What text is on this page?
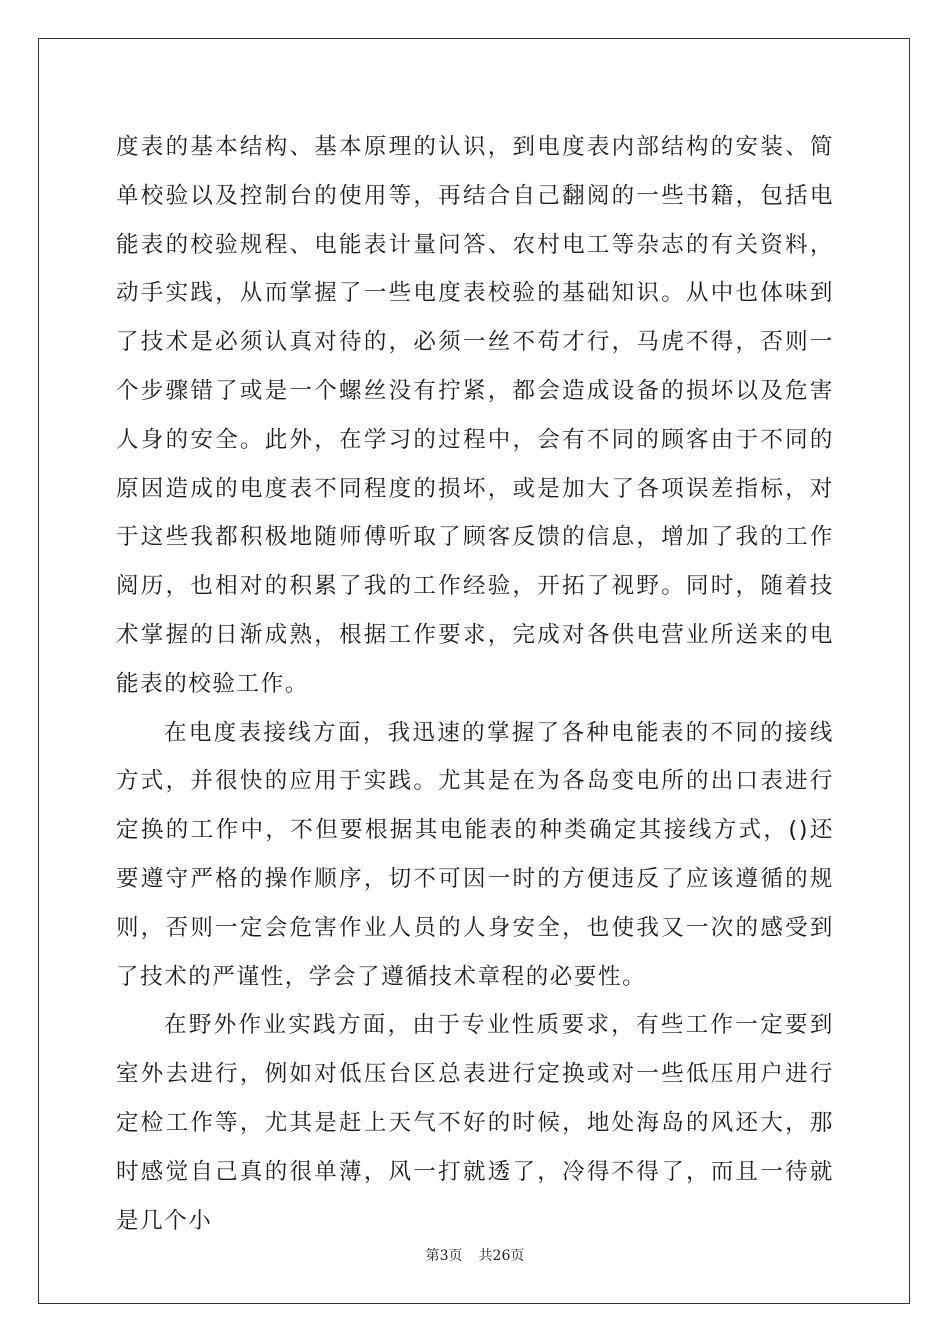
度表的基本结构、基本原理的认识，到电度表内部结构的安装、简单校验以及控制台的使用等，再结合自己翻阅的一些书籍，包括电能表的校验规程、电能表计量问答、农村电工等杂志的有关资料，动手实践，从而掌握了一些电度表校验的基础知识。从中也体味到了技术是必须认真对待的，必须一丝不苟才行，马虎不得，否则一个步骤错了或是一个螺丝没有拧紧，都会造成设备的损坏以及危害人身的安全。此外，在学习的过程中，会有不同的顾客由于不同的原因造成的电度表不同程度的损坏，或是加大了各项误差指标，对于这些我都积极地随师傅听取了顾客反馈的信息，增加了我的工作阅历，也相对的积累了我的工作经验，开拓了视野。同时，随着技术掌握的日渐成熟，根据工作要求，完成对各供电营业所送来的电能表的校验工作。

在电度表接线方面，我迅速的掌握了各种电能表的不同的接线方式，并很快的应用于实践。尤其是在为各岛变电所的出口表进行定换的工作中，不但要根据其电能表的种类确定其接线方式，()还要遵守严格的操作顺序，切不可因一时的方便违反了应该遵循的规则，否则一定会危害作业人员的人身安全，也使我又一次的感受到了技术的严谨性，学会了遵循技术章程的必要性。

在野外作业实践方面，由于专业性质要求，有些工作一定要到室外去进行，例如对低压台区总表进行定换或对一些低压用户进行定检工作等，尤其是赶上天气不好的时候，地处海岛的风还大，那时感觉自己真的很单薄，风一打就透了，冷得不得了，而且一待就是几个小

第3页 共26页
